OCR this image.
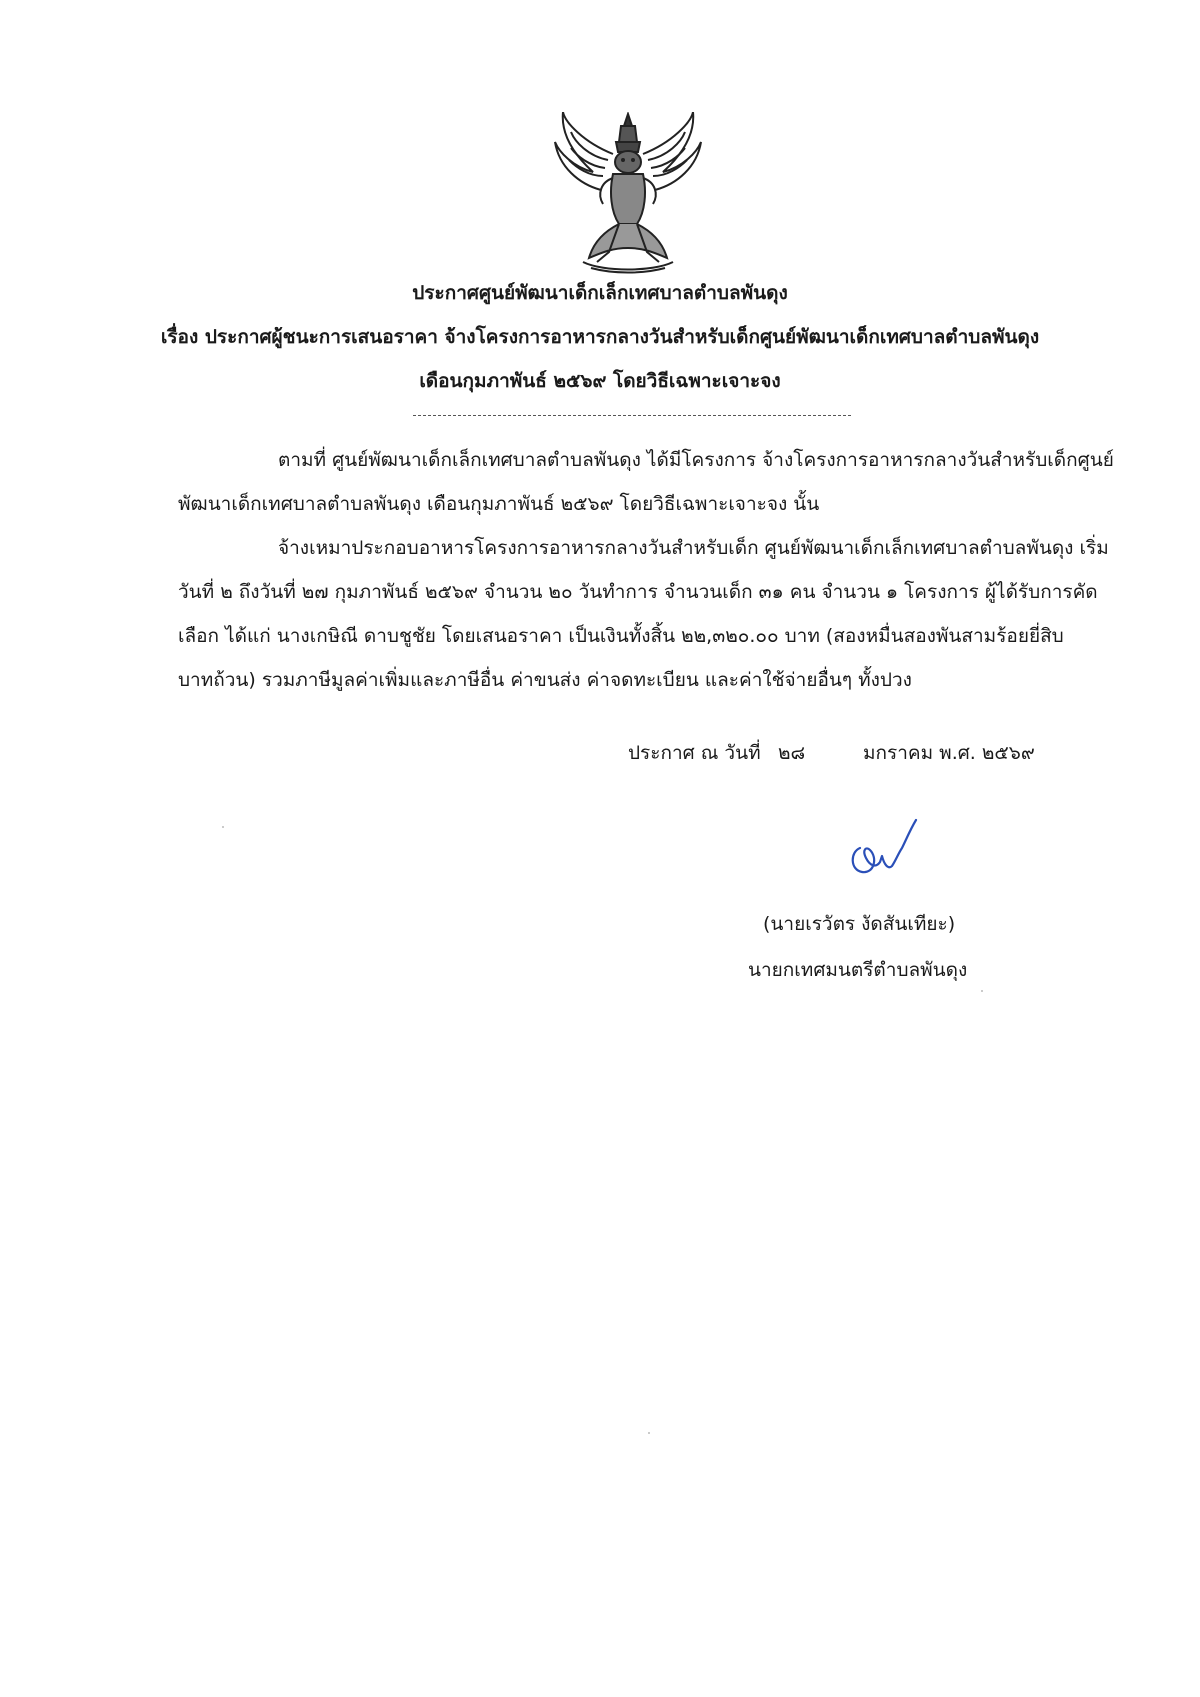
ประกาศศูนย์พัฒนาเด็กเล็กเทศบาลตำบลพันดุง
เรื่อง ประกาศผู้ชนะการเสนอราคา จ้างโครงการอาหารกลางวันสำหรับเด็กศูนย์พัฒนาเด็กเทศบาลตำบลพันดุง
เดือนกุมภาพันธ์ ๒๕๖๙ โดยวิธีเฉพาะเจาะจง
ตามที่ ศูนย์พัฒนาเด็กเล็กเทศบาลตำบลพันดุง ได้มีโครงการ จ้างโครงการอาหารกลางวันสำหรับเด็กศูนย์
พัฒนาเด็กเทศบาลตำบลพันดุง เดือนกุมภาพันธ์ ๒๕๖๙ โดยวิธีเฉพาะเจาะจง นั้น
จ้างเหมาประกอบอาหารโครงการอาหารกลางวันสำหรับเด็ก ศูนย์พัฒนาเด็กเล็กเทศบาลตำบลพันดุง เริ่ม
วันที่ ๒ ถึงวันที่ ๒๗ กุมภาพันธ์ ๒๕๖๙ จำนวน ๒๐ วันทำการ จำนวนเด็ก ๓๑ คน จำนวน ๑ โครงการ ผู้ได้รับการคัด
เลือก ได้แก่ นางเกษิณี ดาบชูชัย โดยเสนอราคา เป็นเงินทั้งสิ้น ๒๒,๓๒๐.๐๐ บาท (สองหมื่นสองพันสามร้อยยี่สิบ
บาทถ้วน) รวมภาษีมูลค่าเพิ่มและภาษีอื่น ค่าขนส่ง ค่าจดทะเบียน และค่าใช้จ่ายอื่นๆ ทั้งปวง
ประกาศ ณ วันที่ ๒๘	มกราคม พ.ศ. ๒๕๖๙
(นายเรวัตร งัดสันเทียะ)
นายกเทศมนตรีตำบลพันดุง
